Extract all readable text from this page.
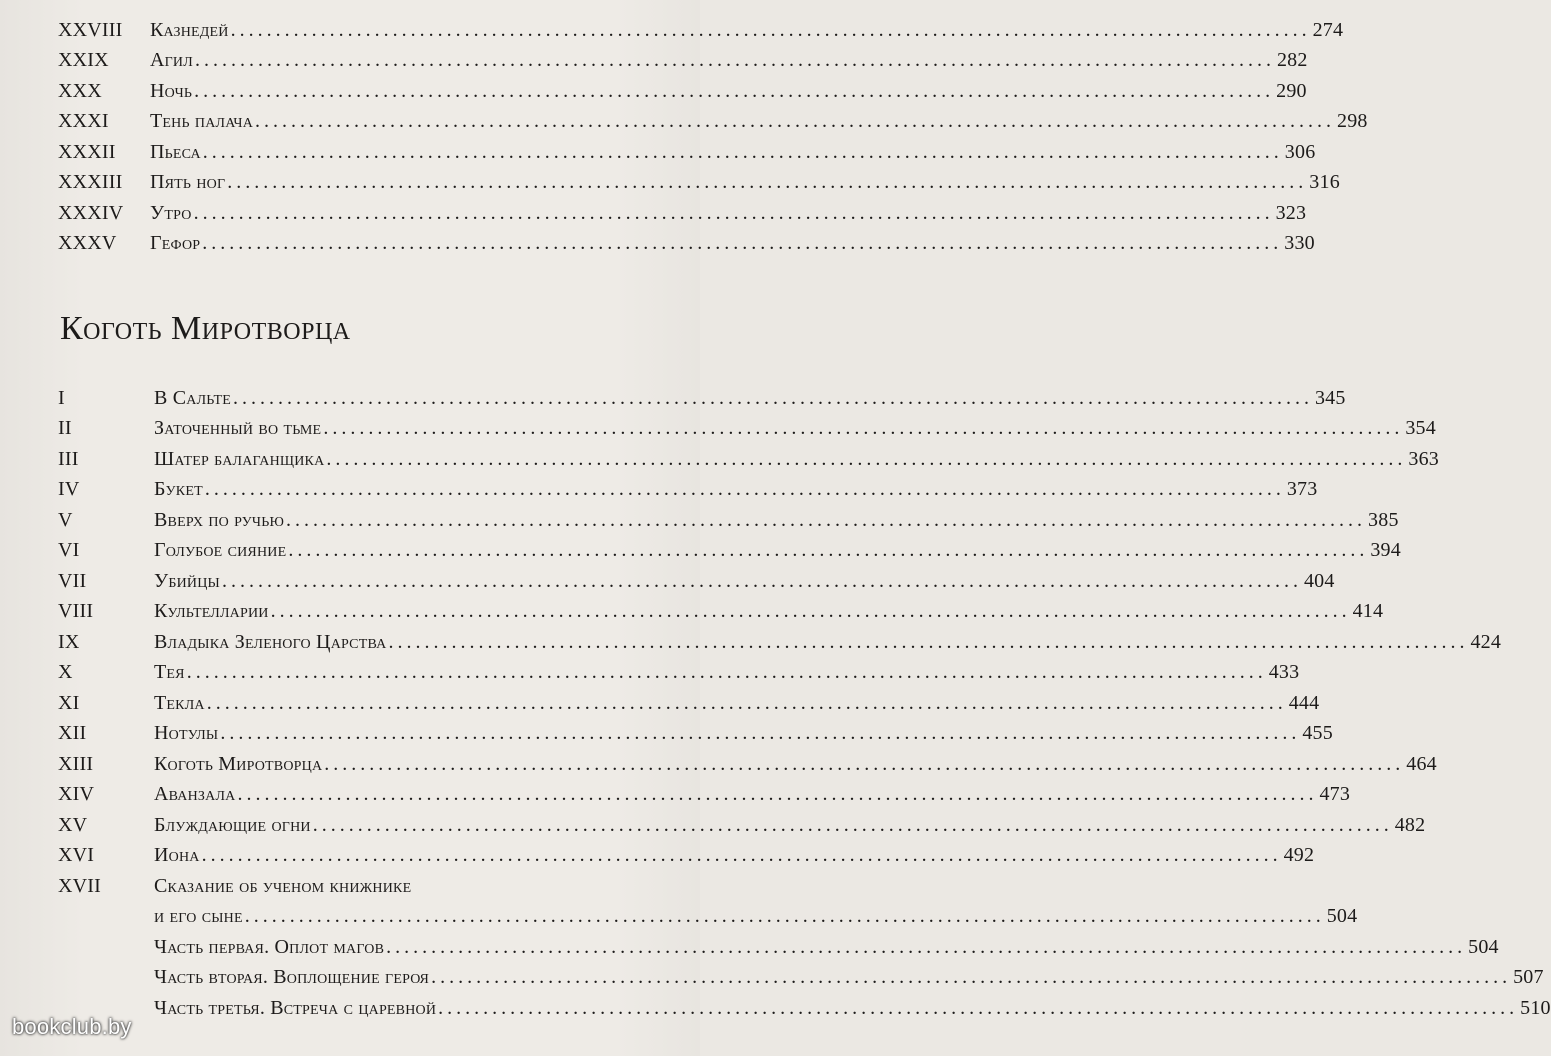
XXVIII	Казнедей ........................................................................................................................ 274
XXIX	Агил ........................................................................................................................ 282
XXX	Ночь ........................................................................................................................ 290
XXXI	Тень палача ........................................................................................................................ 298
XXXII	Пьеса ........................................................................................................................ 306
XXXIII	Пять ног ........................................................................................................................ 316
XXXIV	Утро ........................................................................................................................ 323
XXXV	Гефор ........................................................................................................................ 330
Коготь Миротворца
I	В Сальте ........................................................................................................................ 345
II	Заточенный во тьме ........................................................................................................................ 354
III	Шатер балаганщика ........................................................................................................................ 363
IV	Букет ........................................................................................................................ 373
V	Вверх по ручью ........................................................................................................................ 385
VI	Голубое сияние ........................................................................................................................ 394
VII	Убийцы ........................................................................................................................ 404
VIII	Культелларии ........................................................................................................................ 414
IX	Владыка Зеленого Царства ........................................................................................................................ 424
X	Тея ........................................................................................................................ 433
XI	Текла ........................................................................................................................ 444
XII	Нотулы ........................................................................................................................ 455
XIII	Коготь Миротворца ........................................................................................................................ 464
XIV	Аванзала ........................................................................................................................ 473
XV	Блуждающие огни ........................................................................................................................ 482
XVI	Иона ........................................................................................................................ 492
XVII	Сказание об ученом книжнике
и его сыне ........................................................................................................................ 504
Часть первая. Оплот магов ........................................................................................................................ 504
Часть вторая. Воплощение героя ........................................................................................................................ 507
Часть третья. Встреча с царевной ........................................................................................................................ 510
bookclub.by
